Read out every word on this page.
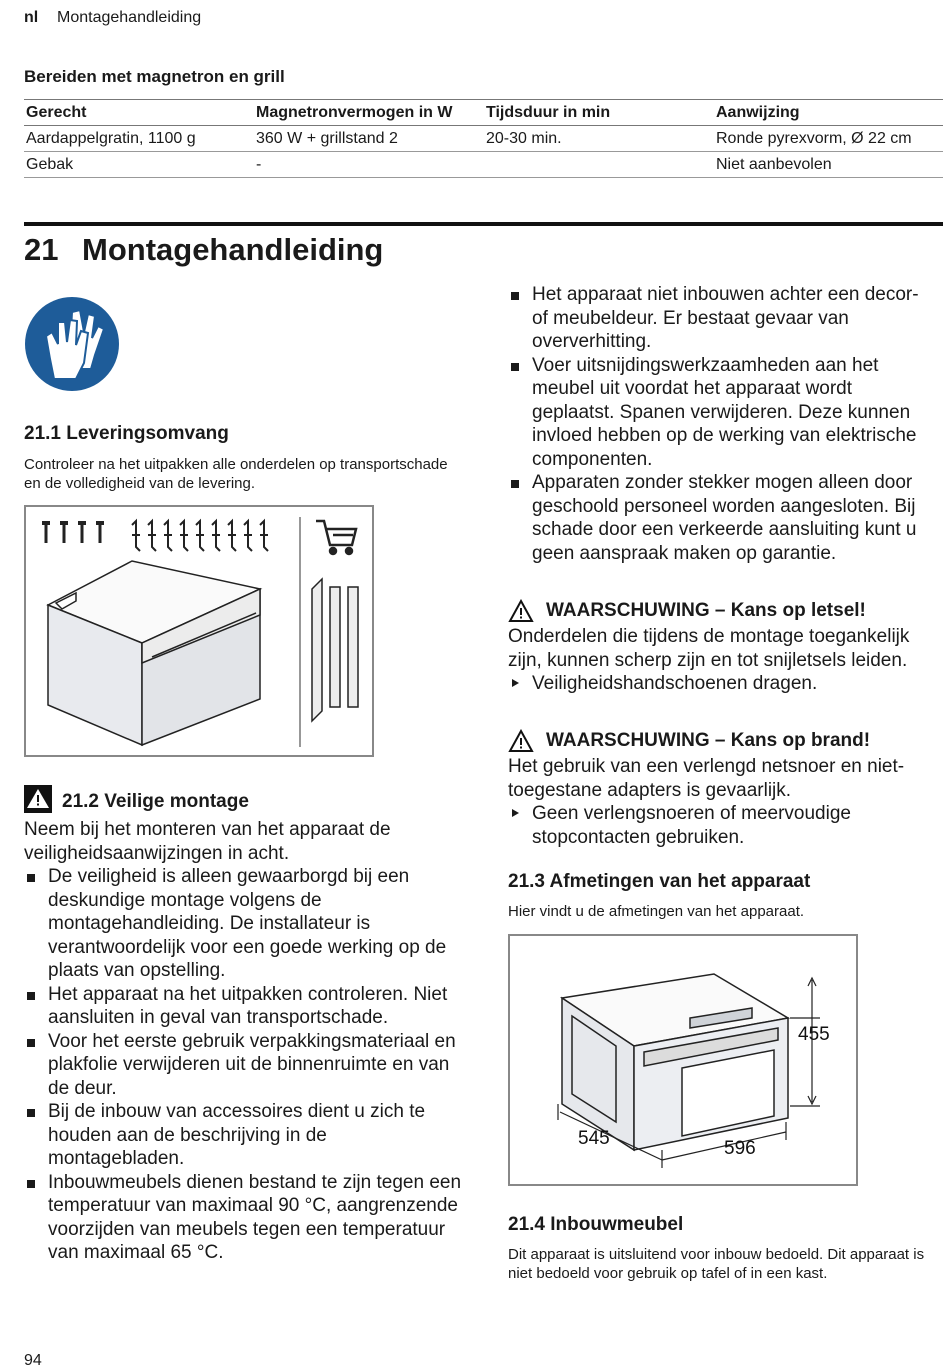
nl Montagehandleiding
Bereiden met magnetron en grill
Gerecht	Magnetronvermogen in W	Tijdsduur in min	Aanwijzing
Aardappelgratin, 1100 g	360 W + grillstand 2	20-30 min.	Ronde pyrexvorm, Ø 22 cm
Gebak	-		Niet aanbevolen
21 Montagehandleiding
21.1 Leveringsomvang
Controleer na het uitpakken alle onderdelen op transportschade en de volledigheid van de levering.
21.2 Veilige montage
Neem bij het monteren van het apparaat de veiligheidsaanwijzingen in acht.
De veiligheid is alleen gewaarborgd bij een deskundige montage volgens de montagehandleiding. De installateur is verantwoordelijk voor een goede werking op de plaats van opstelling.
Het apparaat na het uitpakken controleren. Niet aansluiten in geval van transportschade.
Voor het eerste gebruik verpakkingsmateriaal en plakfolie verwijderen uit de binnenruimte en van de deur.
Bij de inbouw van accessoires dient u zich te houden aan de beschrijving in de montagebladen.
Inbouwmeubels dienen bestand te zijn tegen een temperatuur van maximaal 90 °C, aangrenzende voorzijden van meubels tegen een temperatuur van maximaal 65 °C.
Het apparaat niet inbouwen achter een decor- of meubeldeur. Er bestaat gevaar van oververhitting.
Voer uitsnijdingswerkzaamheden aan het meubel uit voordat het apparaat wordt geplaatst. Spanen verwijderen. Deze kunnen invloed hebben op de werking van elektrische componenten.
Apparaten zonder stekker mogen alleen door geschoold personeel worden aangesloten. Bij schade door een verkeerde aansluiting kunt u geen aanspraak maken op garantie.
WAARSCHUWING – Kans op letsel!
Onderdelen die tijdens de montage toegankelijk zijn, kunnen scherp zijn en tot snijletsels leiden.
Veiligheidshandschoenen dragen.
WAARSCHUWING – Kans op brand!
Het gebruik van een verlengd netsnoer en niet-toegestane adapters is gevaarlijk.
Geen verlengsnoeren of meervoudige stopcontacten gebruiken.
21.3 Afmetingen van het apparaat
Hier vindt u de afmetingen van het apparaat.
455
545	596
21.4 Inbouwmeubel
Dit apparaat is uitsluitend voor inbouw bedoeld. Dit apparaat is niet bedoeld voor gebruik op tafel of in een kast.
94
